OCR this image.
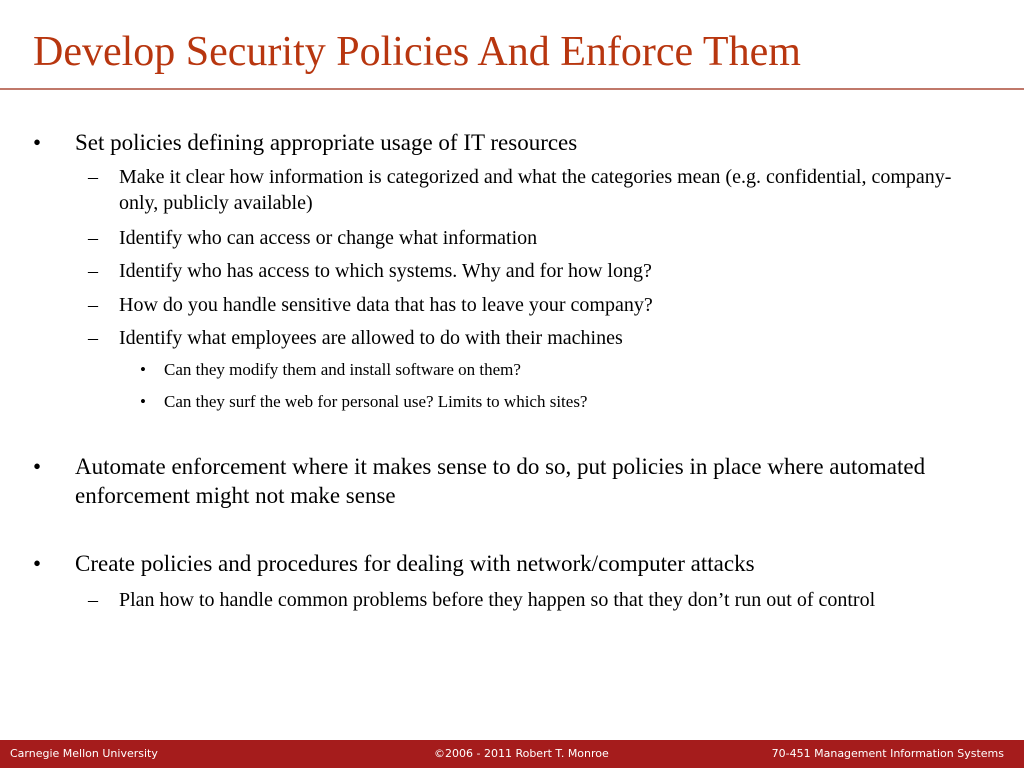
Develop Security Policies And Enforce Them
•	Set policies defining appropriate usage of IT resources
–	Make it clear how information is categorized and what the categories mean (e.g. confidential, company-only, publicly available)
–	Identify who can access or change what information
–	Identify who has access to which systems. Why and for how long?
–	How do you handle sensitive data that has to leave your company?
–	Identify what employees are allowed to do with their machines
•	Can they modify them and install software on them?
•	Can they surf the web for personal use? Limits to which sites?
•	Automate enforcement where it makes sense to do so, put policies in place where automated enforcement might not make sense
•	Create policies and procedures for dealing with network/computer attacks
–	Plan how to handle common problems before they happen so that they don’t run out of control
Carnegie Mellon University	©2006 - 2011 Robert T. Monroe	70-451 Management Information Systems
